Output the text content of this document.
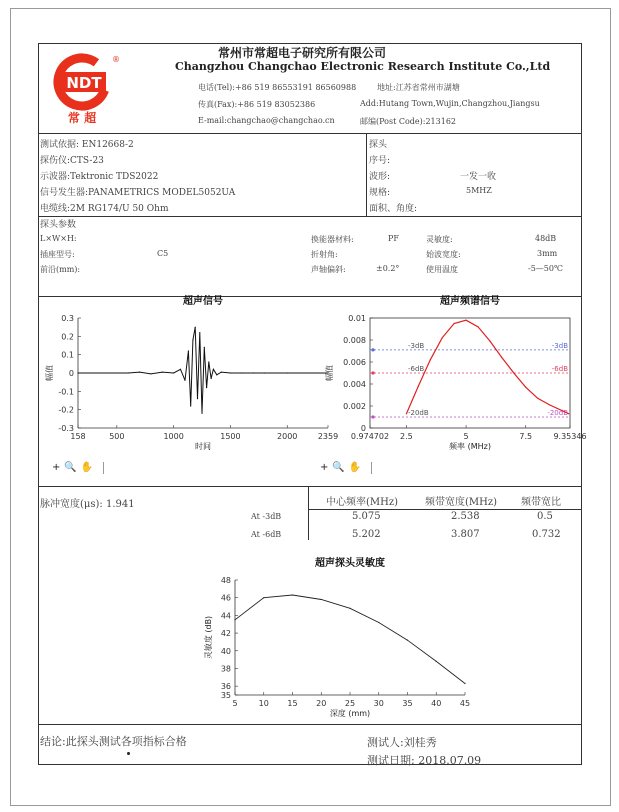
NDT
®
常 超
常州市常超电子研究所有限公司
Changzhou Changchao Electronic Research Institute Co.,Ltd
电话(Tel):+86 519 86553191 86560988	地址:江苏省常州市湖塘
传真(Fax):+86 519 83052386	Add:Hutang Town,Wujin,Changzhou,Jiangsu
E-mail:changchao@changchao.cn	邮编(Post Code):213162
测试依据: EN12668-2
探伤仪:CTS-23
示波器:Tektronic TDS2022
信号发生器:PANAMETRICS MODEL5052UA
电缆线:2M RG174/U 50 Ohm
探头
序号:
波形:	一发一收
规格:	5MHZ
面积、角度:
探头参数
L×W×H:
插座型号:	C5
前沿(mm):
换能器材料:	PF	灵敏度:	48dB
折射角:	始波宽度:	3mm
声轴偏斜:	±0.2°	使用温度	-5—50℃
超声信号
158	500	1000	1500	2000	2359
0.3
0.2
0.1
0
-0.1
-0.2
-0.3
时间
幅值
超声频谱信号
0.974702 2.5	5	7.5	9.35346
0.01
0.008
0.006
0.004
0.002
0
频率 (MHz)
幅值
-3dB	-3dB
-6dB	-6dB
-20dB	-20dB
+ 🔍 ✋	+ 🔍 ✋
脉冲宽度(μs): 1.941	中心频率(MHz)	频带宽度(MHz) 频带宽比
At -3dB	5.075	2.538	0.5
At -6dB	5.202	3.807	0.732
超声探头灵敏度
5	10 15 20 25 30 35 40 45
48
46
44
42
40
38
36
35
深度 (mm)
灵敏度 (dB)
结论:此探头测试各项指标合格	测试人:刘桂秀
测试日期: 2018.07.09
